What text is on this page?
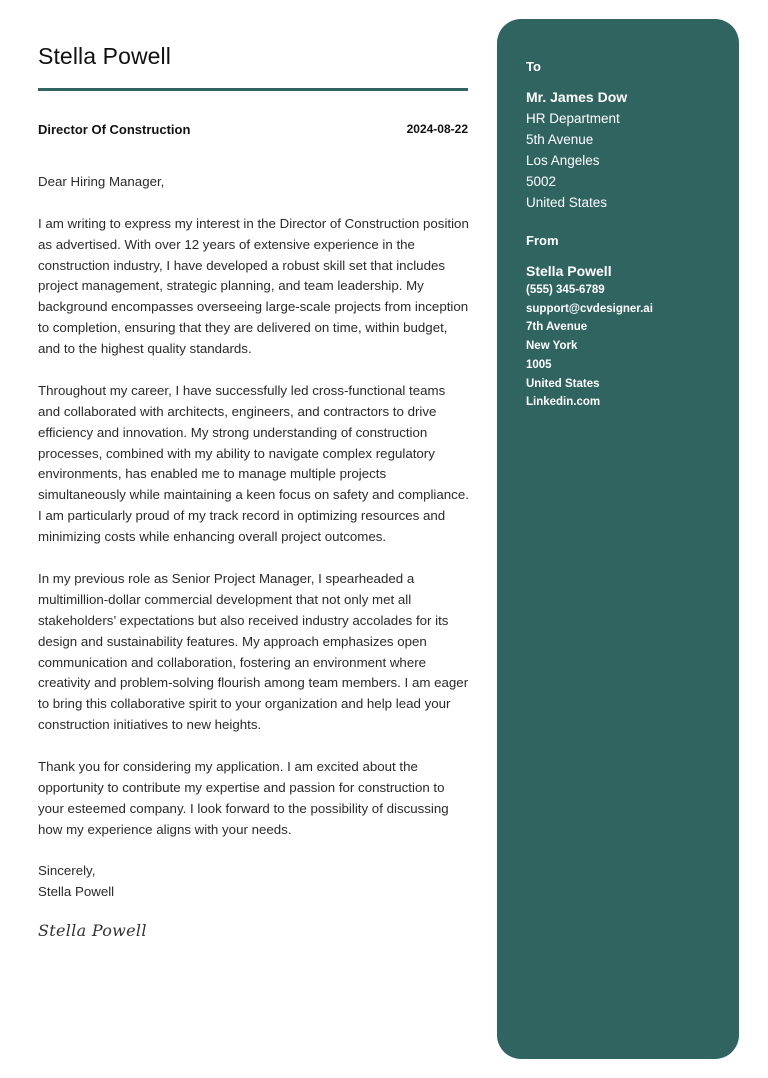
Stella Powell
Director Of Construction	2024-08-22

Dear Hiring Manager,

I am writing to express my interest in the Director of Construction position as advertised. With over 12 years of extensive experience in the construction industry, I have developed a robust skill set that includes project management, strategic planning, and team leadership. My background encompasses overseeing large-scale projects from inception to completion, ensuring that they are delivered on time, within budget, and to the highest quality standards.

Throughout my career, I have successfully led cross-functional teams and collaborated with architects, engineers, and contractors to drive efficiency and innovation. My strong understanding of construction processes, combined with my ability to navigate complex regulatory environments, has enabled me to manage multiple projects simultaneously while maintaining a keen focus on safety and compliance. I am particularly proud of my track record in optimizing resources and minimizing costs while enhancing overall project outcomes.

In my previous role as Senior Project Manager, I spearheaded a multimillion-dollar commercial development that not only met all stakeholders’ expectations but also received industry accolades for its design and sustainability features. My approach emphasizes open communication and collaboration, fostering an environment where creativity and problem-solving flourish among team members. I am eager to bring this collaborative spirit to your organization and help lead your construction initiatives to new heights.

Thank you for considering my application. I am excited about the opportunity to contribute my expertise and passion for construction to your esteemed company. I look forward to the possibility of discussing how my experience aligns with your needs.

Sincerely,

Stella Powell

Stella Powell
To
Mr. James Dow
HR Department
5th Avenue
Los Angeles
5002
United States
From
Stella Powell
(555) 345-6789
support@cvdesigner.ai
7th Avenue
New York
1005
United States
Linkedin.com
